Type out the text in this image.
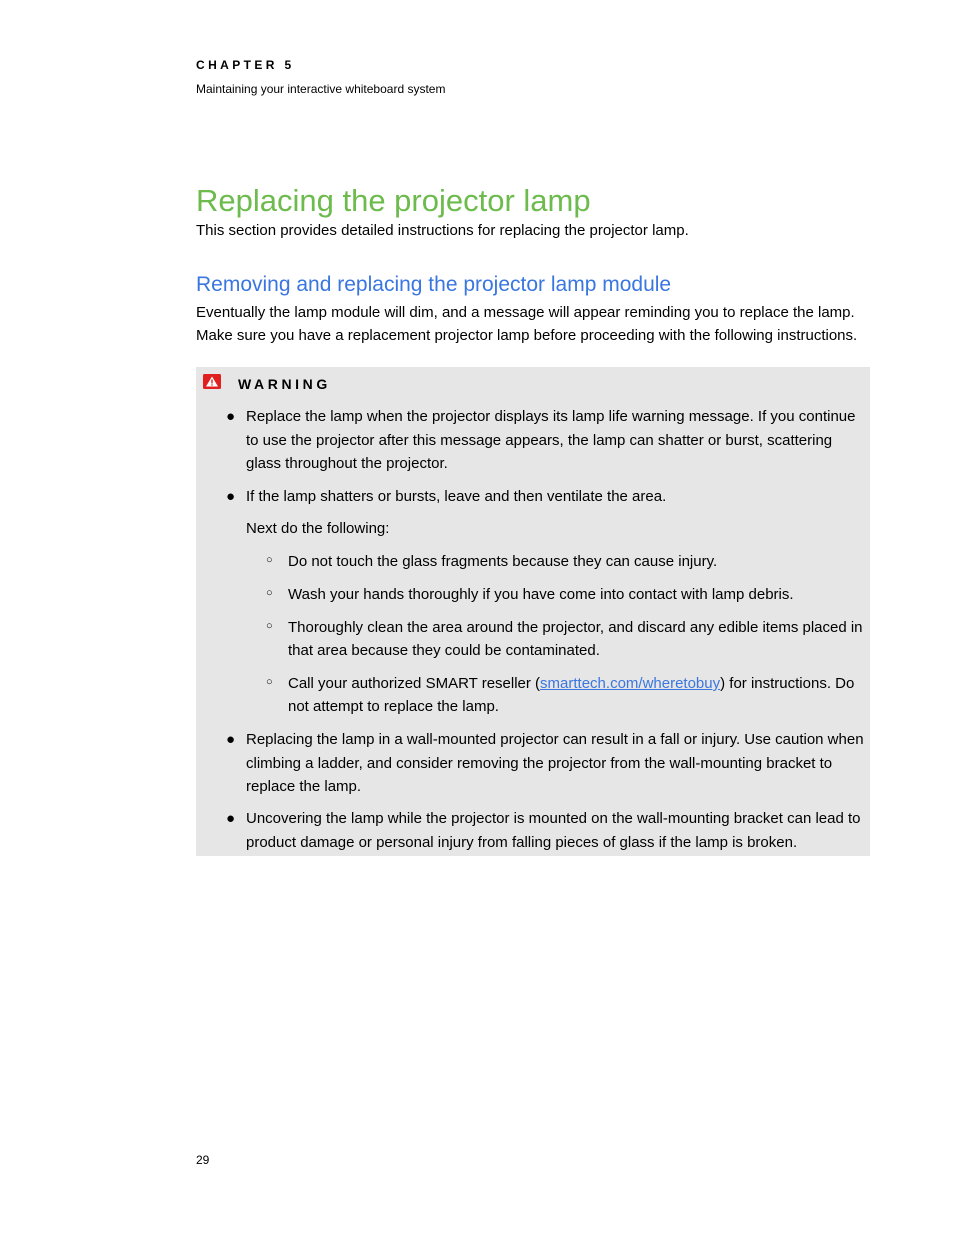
CHAPTER 5
Maintaining your interactive whiteboard system
Replacing the projector lamp
This section provides detailed instructions for replacing the projector lamp.
Removing and replacing the projector lamp module
Eventually the lamp module will dim, and a message will appear reminding you to replace the lamp.
Make sure you have a replacement projector lamp before proceeding with the following instructions.
WARNING
● Replace the lamp when the projector displays its lamp life warning message. If you continue to use the projector after this message appears, the lamp can shatter or burst, scattering glass throughout the projector.
● If the lamp shatters or bursts, leave and then ventilate the area.
Next do the following:
○ Do not touch the glass fragments because they can cause injury.
○ Wash your hands thoroughly if you have come into contact with lamp debris.
○ Thoroughly clean the area around the projector, and discard any edible items placed in that area because they could be contaminated.
○ Call your authorized SMART reseller (smarttech.com/wheretobuy) for instructions. Do not attempt to replace the lamp.
● Replacing the lamp in a wall-mounted projector can result in a fall or injury. Use caution when climbing a ladder, and consider removing the projector from the wall-mounting bracket to replace the lamp.
● Uncovering the lamp while the projector is mounted on the wall-mounting bracket can lead to product damage or personal injury from falling pieces of glass if the lamp is broken.
29
